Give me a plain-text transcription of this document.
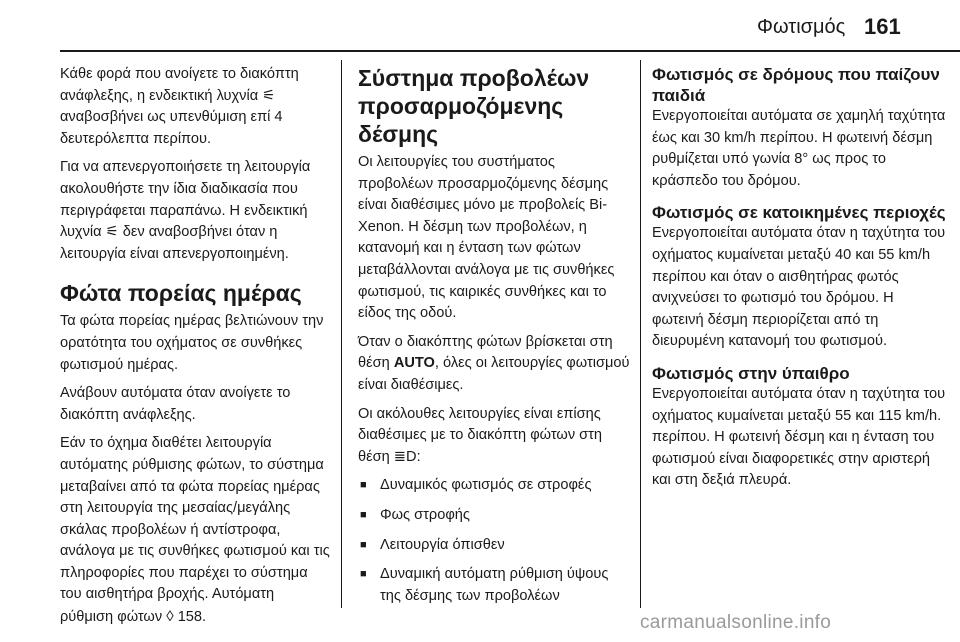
Φωτισμός 161

Κάθε φορά που ανοίγετε το διακόπτη ανάφλεξης, η ενδεικτική λυχνία ⚟ αναβοσβήνει ως υπενθύμιση επί 4 δευτερόλεπτα περίπου.

Για να απενεργοποιήσετε τη λειτουργία ακολουθήστε την ίδια διαδικασία που περιγράφεται παραπάνω. Η ενδεικτική λυχνία ⚟ δεν αναβοσβήνει όταν η λειτουργία είναι απενεργοποιημένη.

Φώτα πορείας ημέρας

Τα φώτα πορείας ημέρας βελτιώνουν την ορατότητα του οχήματος σε συνθήκες φωτισμού ημέρας.

Ανάβουν αυτόματα όταν ανοίγετε το διακόπτη ανάφλεξης.

Εάν το όχημα διαθέτει λειτουργία αυτόματης ρύθμισης φώτων, το σύστημα μεταβαίνει από τα φώτα πορείας ημέρας στη λειτουργία της μεσαίας/μεγάλης σκάλας προβολέων ή αντίστροφα, ανάλογα με τις συνθήκες φωτισμού και τις πληροφορίες που παρέχει το σύστημα του αισθητήρα βροχής. Αυτόματη ρύθμιση φώτων ◊ 158.

Σύστημα προβολέων προσαρμοζόμενης δέσμης

Οι λειτουργίες του συστήματος προβολέων προσαρμοζόμενης δέσμης είναι διαθέσιμες μόνο με προβολείς Bi-Xenon. Η δέσμη των προβολέων, η κατανομή και η ένταση των φώτων μεταβάλλονται ανάλογα με τις συνθήκες φωτισμού, τις καιρικές συνθήκες και το είδος της οδού.

Όταν ο διακόπτης φώτων βρίσκεται στη θέση AUTO, όλες οι λειτουργίες φωτισμού είναι διαθέσιμες.

Οι ακόλουθες λειτουργίες είναι επίσης διαθέσιμες με το διακόπτη φώτων στη θέση ≣D:

■ Δυναμικός φωτισμός σε στροφές
■ Φως στροφής
■ Λειτουργία όπισθεν
■ Δυναμική αυτόματη ρύθμιση ύψους της δέσμης των προβολέων
Φωτισμός σε δρόμους που παίζουν παιδιά

Ενεργοποιείται αυτόματα σε χαμηλή ταχύτητα έως και 30 km/h περίπου. Η φωτεινή δέσμη ρυθμίζεται υπό γωνία 8° ως προς το κράσπεδο του δρόμου.

Φωτισμός σε κατοικημένες περιοχές

Ενεργοποιείται αυτόματα όταν η ταχύτητα του οχήματος κυμαίνεται μεταξύ 40 και 55 km/h περίπου και όταν ο αισθητήρας φωτός ανιχνεύσει το φωτισμό του δρόμου. Η φωτεινή δέσμη περιορίζεται από τη διευρυμένη κατανομή του φωτισμού.

Φωτισμός στην ύπαιθρο

Ενεργοποιείται αυτόματα όταν η ταχύτητα του οχήματος κυμαίνεται μεταξύ 55 και 115 km/h. περίπου. Η φωτεινή δέσμη και η ένταση του φωτισμού είναι διαφορετικές στην αριστερή και στη δεξιά πλευρά.

carmanualsonline.info
